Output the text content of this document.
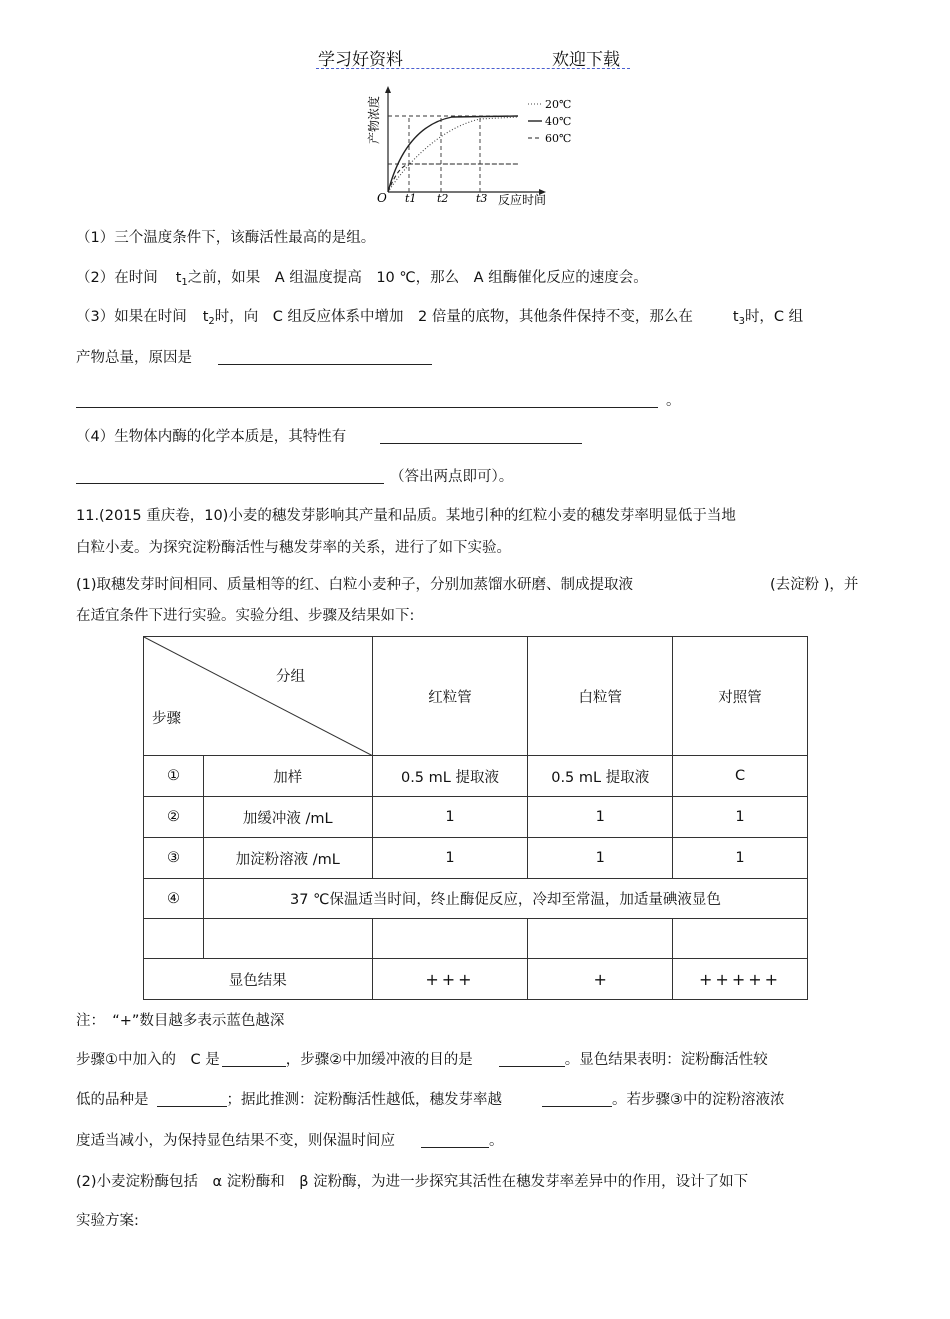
学习好资料	欢迎下载
20℃
40℃
60℃
产物浓度
反应时间
O t1 t2	t3
（1）三个温度条件下，该酶活性最高的是组。
（2）在时间 $t_1$之前，如果　A 组温度提高　10 ℃，那么　A 组酶催化反应的速度会。
（3）如果在时间 $t_2$时，向　C 组反应体系中增加　2 倍量的底物，其他条件保持不变，那么在	$t_3$时，C 组
产物总量，原因是
。
（4）生物体内酶的化学本质是，其特性有
（答出两点即可）。
11.(2015 重庆卷，10)小麦的穗发芽影响其产量和品质。某地引种的红粒小麦的穗发芽率明显低于当地
白粒小麦。为探究淀粉酶活性与穗发芽率的关系，进行了如下实验。
(1)取穗发芽时间相同、质量相等的红、白粒小麦种子，分别加蒸馏水研磨、制成提取液	(去淀粉 )，并
在适宜条件下进行实验。实验分组、步骤及结果如下:
分组
步骤		红粒管	白粒管	对照管
①	加样	0.5 mL 提取液	0.5 mL 提取液	C
②	加缓冲液 /mL	1	1	1
③	加淀粉溶液 /mL	1	1	1
④	37 ℃保温适当时间，终止酶促反应，冷却至常温，加适量碘液显色			

显色结果		+++	+	+++++
注：　“+”数目越多表示蓝色越深
步骤①中加入的　C 是	，步骤②中加缓冲液的目的是	。显色结果表明：淀粉酶活性较
低的品种是	；据此推测：淀粉酶活性越低，穗发芽率越	。若步骤③中的淀粉溶液浓
度适当减小，为保持显色结果不变，则保温时间应	。
(2)小麦淀粉酶包括　α 淀粉酶和　β 淀粉酶，为进一步探究其活性在穗发芽率差异中的作用，设计了如下
实验方案:
